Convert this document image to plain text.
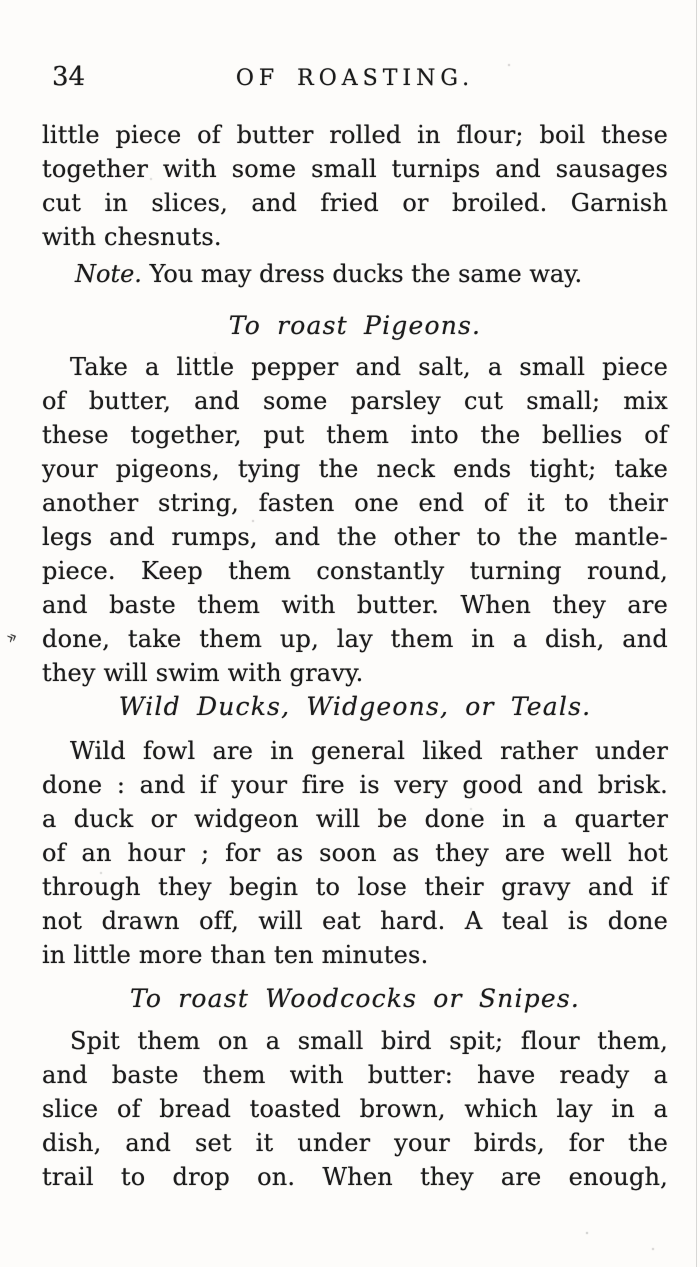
34	OF ROASTING.
little piece of butter rolled in flour; boil these
together with some small turnips and sausages
cut in slices, and fried or broiled. Garnish
with chesnuts.
Note. You may dress ducks the same way.
To roast Pigeons.
Take a little pepper and salt, a small piece
of butter, and some parsley cut small; mix
these together, put them into the bellies of
your pigeons, tying the neck ends tight; take
another string, fasten one end of it to their
legs and rumps, and the other to the mantle-
piece. Keep them constantly turning round,
and baste them with butter. When they are
done, take them up, lay them in a dish, and
they will swim with gravy.
»
Wild Ducks, Widgeons, or Teals.
Wild fowl are in general liked rather under
done : and if your fire is very good and brisk.
a duck or widgeon will be done in a quarter
of an hour ; for as soon as they are well hot
through they begin to lose their gravy and if
not drawn off, will eat hard. A teal is done
in little more than ten minutes.
To roast Woodcocks or Snipes.
Spit them on a small bird spit; flour them,
and baste them with butter: have ready a
slice of bread toasted brown, which lay in a
dish, and set it under your birds, for the
trail to drop on. When they are enough,
